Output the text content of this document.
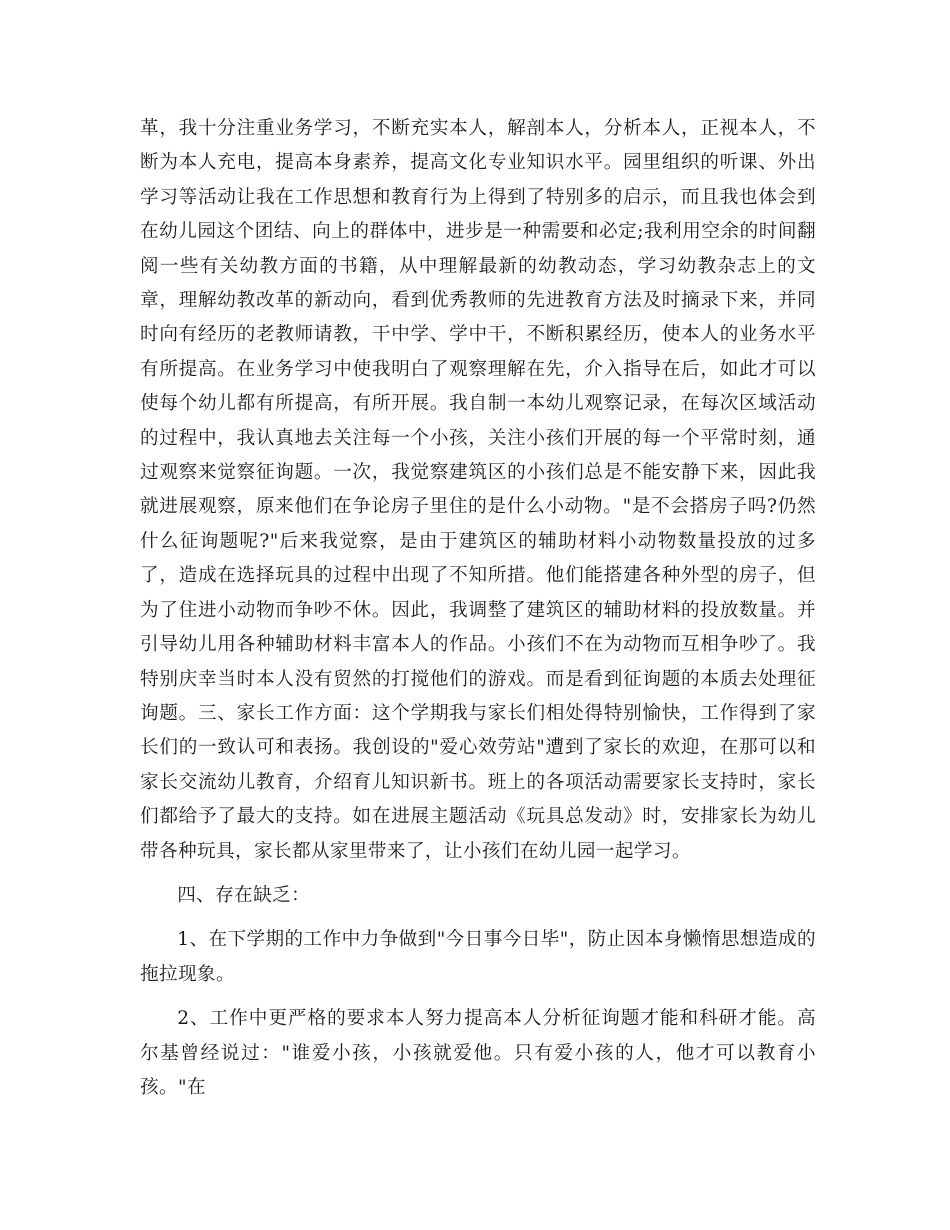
革，我十分注重业务学习，不断充实本人，解剖本人，分析本人，正视本人，不断为本人充电，提高本身素养，提高文化专业知识水平。园里组织的听课、外出学习等活动让我在工作思想和教育行为上得到了特别多的启示，而且我也体会到在幼儿园这个团结、向上的群体中，进步是一种需要和必定;我利用空余的时间翻阅一些有关幼教方面的书籍，从中理解最新的幼教动态，学习幼教杂志上的文章，理解幼教改革的新动向，看到优秀教师的先进教育方法及时摘录下来，并同时向有经历的老教师请教，干中学、学中干，不断积累经历，使本人的业务水平有所提高。在业务学习中使我明白了观察理解在先，介入指导在后，如此才可以使每个幼儿都有所提高，有所开展。我自制一本幼儿观察记录，在每次区域活动的过程中，我认真地去关注每一个小孩，关注小孩们开展的每一个平常时刻，通过观察来觉察征询题。一次，我觉察建筑区的小孩们总是不能安静下来，因此我就进展观察，原来他们在争论房子里住的是什么小动物。"是不会搭房子吗?仍然什么征询题呢?"后来我觉察，是由于建筑区的辅助材料小动物数量投放的过多了，造成在选择玩具的过程中出现了不知所措。他们能搭建各种外型的房子，但为了住进小动物而争吵不休。因此，我调整了建筑区的辅助材料的投放数量。并引导幼儿用各种辅助材料丰富本人的作品。小孩们不在为动物而互相争吵了。我特别庆幸当时本人没有贸然的打搅他们的游戏。而是看到征询题的本质去处理征询题。三、家长工作方面：这个学期我与家长们相处得特别愉快，工作得到了家长们的一致认可和表扬。我创设的"爱心效劳站"遭到了家长的欢迎，在那可以和家长交流幼儿教育，介绍育儿知识新书。班上的各项活动需要家长支持时，家长们都给予了最大的支持。如在进展主题活动《玩具总发动》时，安排家长为幼儿带各种玩具，家长都从家里带来了，让小孩们在幼儿园一起学习。

四、存在缺乏：

1、在下学期的工作中力争做到"今日事今日毕"，防止因本身懒惰思想造成的拖拉现象。

2、工作中更严格的要求本人努力提高本人分析征询题才能和科研才能。高尔基曾经说过："谁爱小孩，小孩就爱他。只有爱小孩的人，他才可以教育小孩。"在
